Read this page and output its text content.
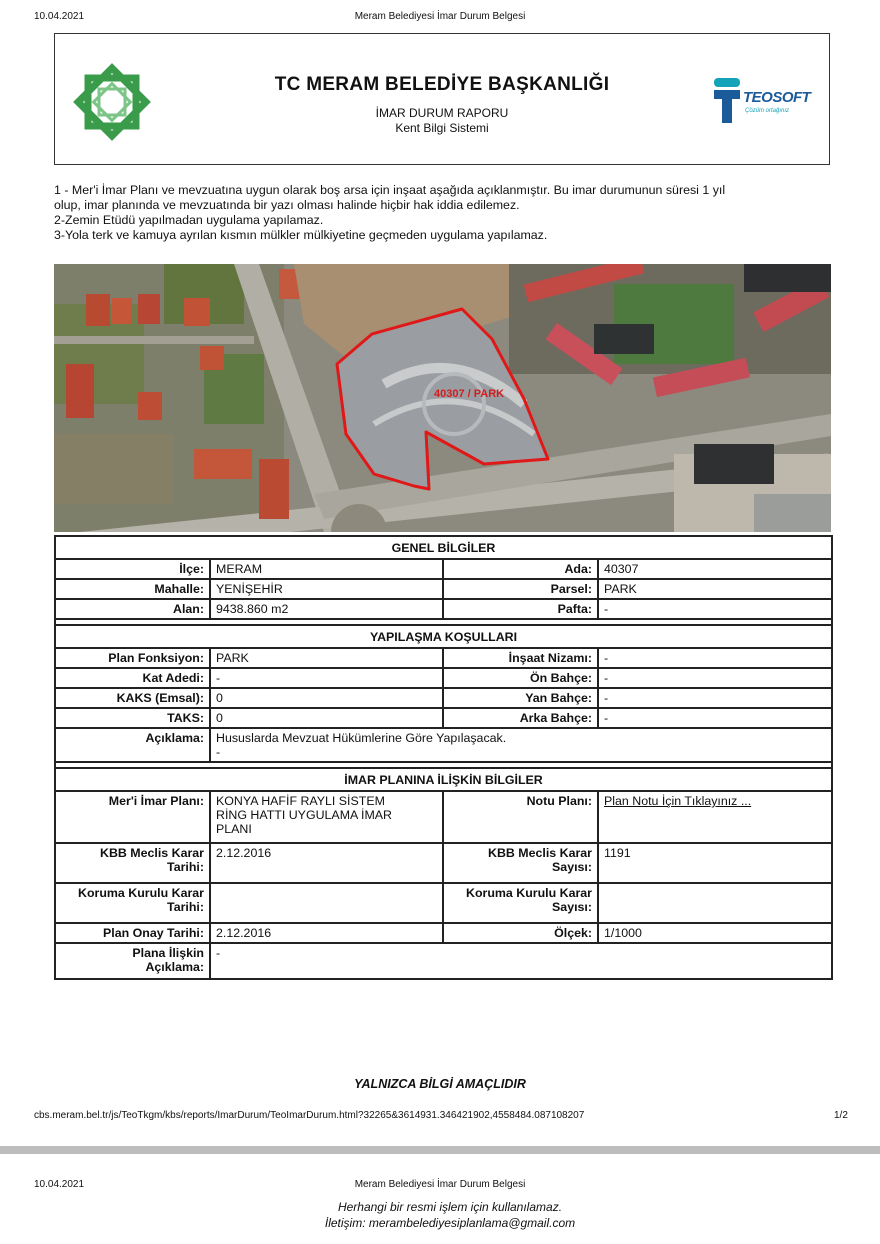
10.04.2021	Meram Belediyesi İmar Durum Belgesi
TC MERAM BELEDİYE BAŞKANLIĞI
İMAR DURUM RAPORU
Kent Bilgi Sistemi
TEOSOFT
Çözüm ortağınız
1 - Mer'i İmar Planı ve mevzuatına uygun olarak boş arsa için inşaat aşağıda açıklanmıştır. Bu imar durumunun süresi 1 yıl
olup, imar planında ve mevzuatında bir yazı olması halinde hiçbir hak iddia edilemez.
2-Zemin Etüdü yapılmadan uygulama yapılamaz.
3-Yola terk ve kamuya ayrılan kısmın mülkler mülkiyetine geçmeden uygulama yapılamaz.
40307 / PARK
GENEL BİLGİLER			
İlçe:	MERAM	Ada:	40307
Mahalle:	YENİŞEHİR	Parsel:	PARK
Alan:	9438.860 m2	Pafta:	-

YAPILAŞMA KOŞULLARI			
Plan Fonksiyon:	PARK	İnşaat Nizamı:	-
Kat Adedi:	-	Ön Bahçe:	-
KAKS (Emsal):	0	Yan Bahçe:	-
TAKS:	0	Arka Bahçe:	-
Açıklama:	Hususlarda Mevzuat Hükümlerine Göre Yapılaşacak.
-		

İMAR PLANINA İLİŞKİN BİLGİLER			
Mer'i İmar Planı:	KONYA HAFİF RAYLI SİSTEM RİNG HATTI UYGULAMA İMAR PLANI	Notu Planı:	Plan Notu İçin Tıklayınız ...
KBB Meclis Karar Tarihi:	2.12.2016	KBB Meclis Karar Sayısı:	1191
Koruma Kurulu Karar Tarihi:		Koruma Kurulu Karar Sayısı:	
Plan Onay Tarihi:	2.12.2016	Ölçek:	1/1000
Plana İlişkin Açıklama:	-		
YALNIZCA BİLGİ AMAÇLIDIR
cbs.meram.bel.tr/js/TeoTkgm/kbs/reports/ImarDurum/TeoImarDurum.html?32265&3614931.346421902,4558484.087108207	1/2
10.04.2021	Meram Belediyesi İmar Durum Belgesi
Herhangi bir resmi işlem için kullanılamaz.
İletişim: merambelediyesiplanlama@gmail.com
